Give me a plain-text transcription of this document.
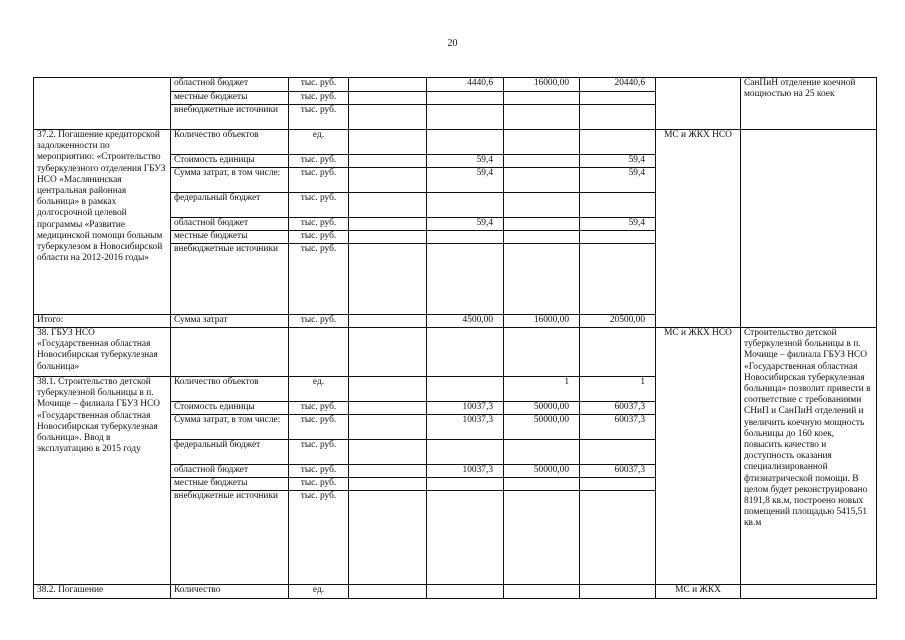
20
	областной бюджет	тыс. руб.		4440,6	16000,00	20440,6		СанПиН отделение коечной мощностью на 25 коек
	местные бюджеты	тыс. руб.						
	внебюджетные источники	тыс. руб.						
37.2. Погашение кредиторской задолженности по мероприятию: «Строительство туберкулезного отделения ГБУЗ НСО «Маслянинская центральная районная больница» в рамках долгосрочной целевой программы «Развитие медицинской помощи больным туберкулезом в Новосибирской области на 2012-2016 годы»	Количество объектов	ед.					МС и ЖКХ НСО	
	Стоимость единицы	тыс. руб.		59,4		59,4		
	Сумма затрат, в том числе:	тыс. руб.		59,4		59,4		
	федеральный бюджет	тыс. руб.						
	областной бюджет	тыс. руб.		59,4		59,4		
	местные бюджеты	тыс. руб.						
	внебюджетные источники	тыс. руб.						
Итого:	Сумма затрат	тыс. руб.		4500,00	16000,00	20500,00		
38. ГБУЗ НСО «Государственная областная Новосибирская туберкулезная больница»							МС и ЖКХ НСО	Строительство детской туберкулезной больницы в п. Мочище – филиала ГБУЗ НСО «Государственная областная Новосибирская туберкулезная больница» позволит привести в соответствие с требованиями СНиП и СанПиН отделений и увеличить коечную мощность больницы до 160 коек, повысить качество и доступность оказания специализированной фтизиатрической помощи. В целом будет реконструировано 8191,8 кв.м, построено новых помещений площадью 5415,51 кв.м
38.1. Строительство детской туберкулезной больницы в п. Мочище – филиала ГБУЗ НСО «Государственная областная Новосибирская туберкулезная больница». Ввод в эксплуатацию в 2015 году	Количество объектов	ед.			1	1		
	Стоимость единицы	тыс. руб.		10037,3	50000,00	60037,3		
	Сумма затрат, в том числе:	тыс. руб.		10037,3	50000,00	60037,3		
	федеральный бюджет	тыс. руб.						
	областной бюджет	тыс. руб.		10037,3	50000,00	60037,3		
	местные бюджеты	тыс. руб.						
	внебюджетные источники	тыс. руб.						
38.2. Погашение	Количество	ед.					МС и ЖКХ	
